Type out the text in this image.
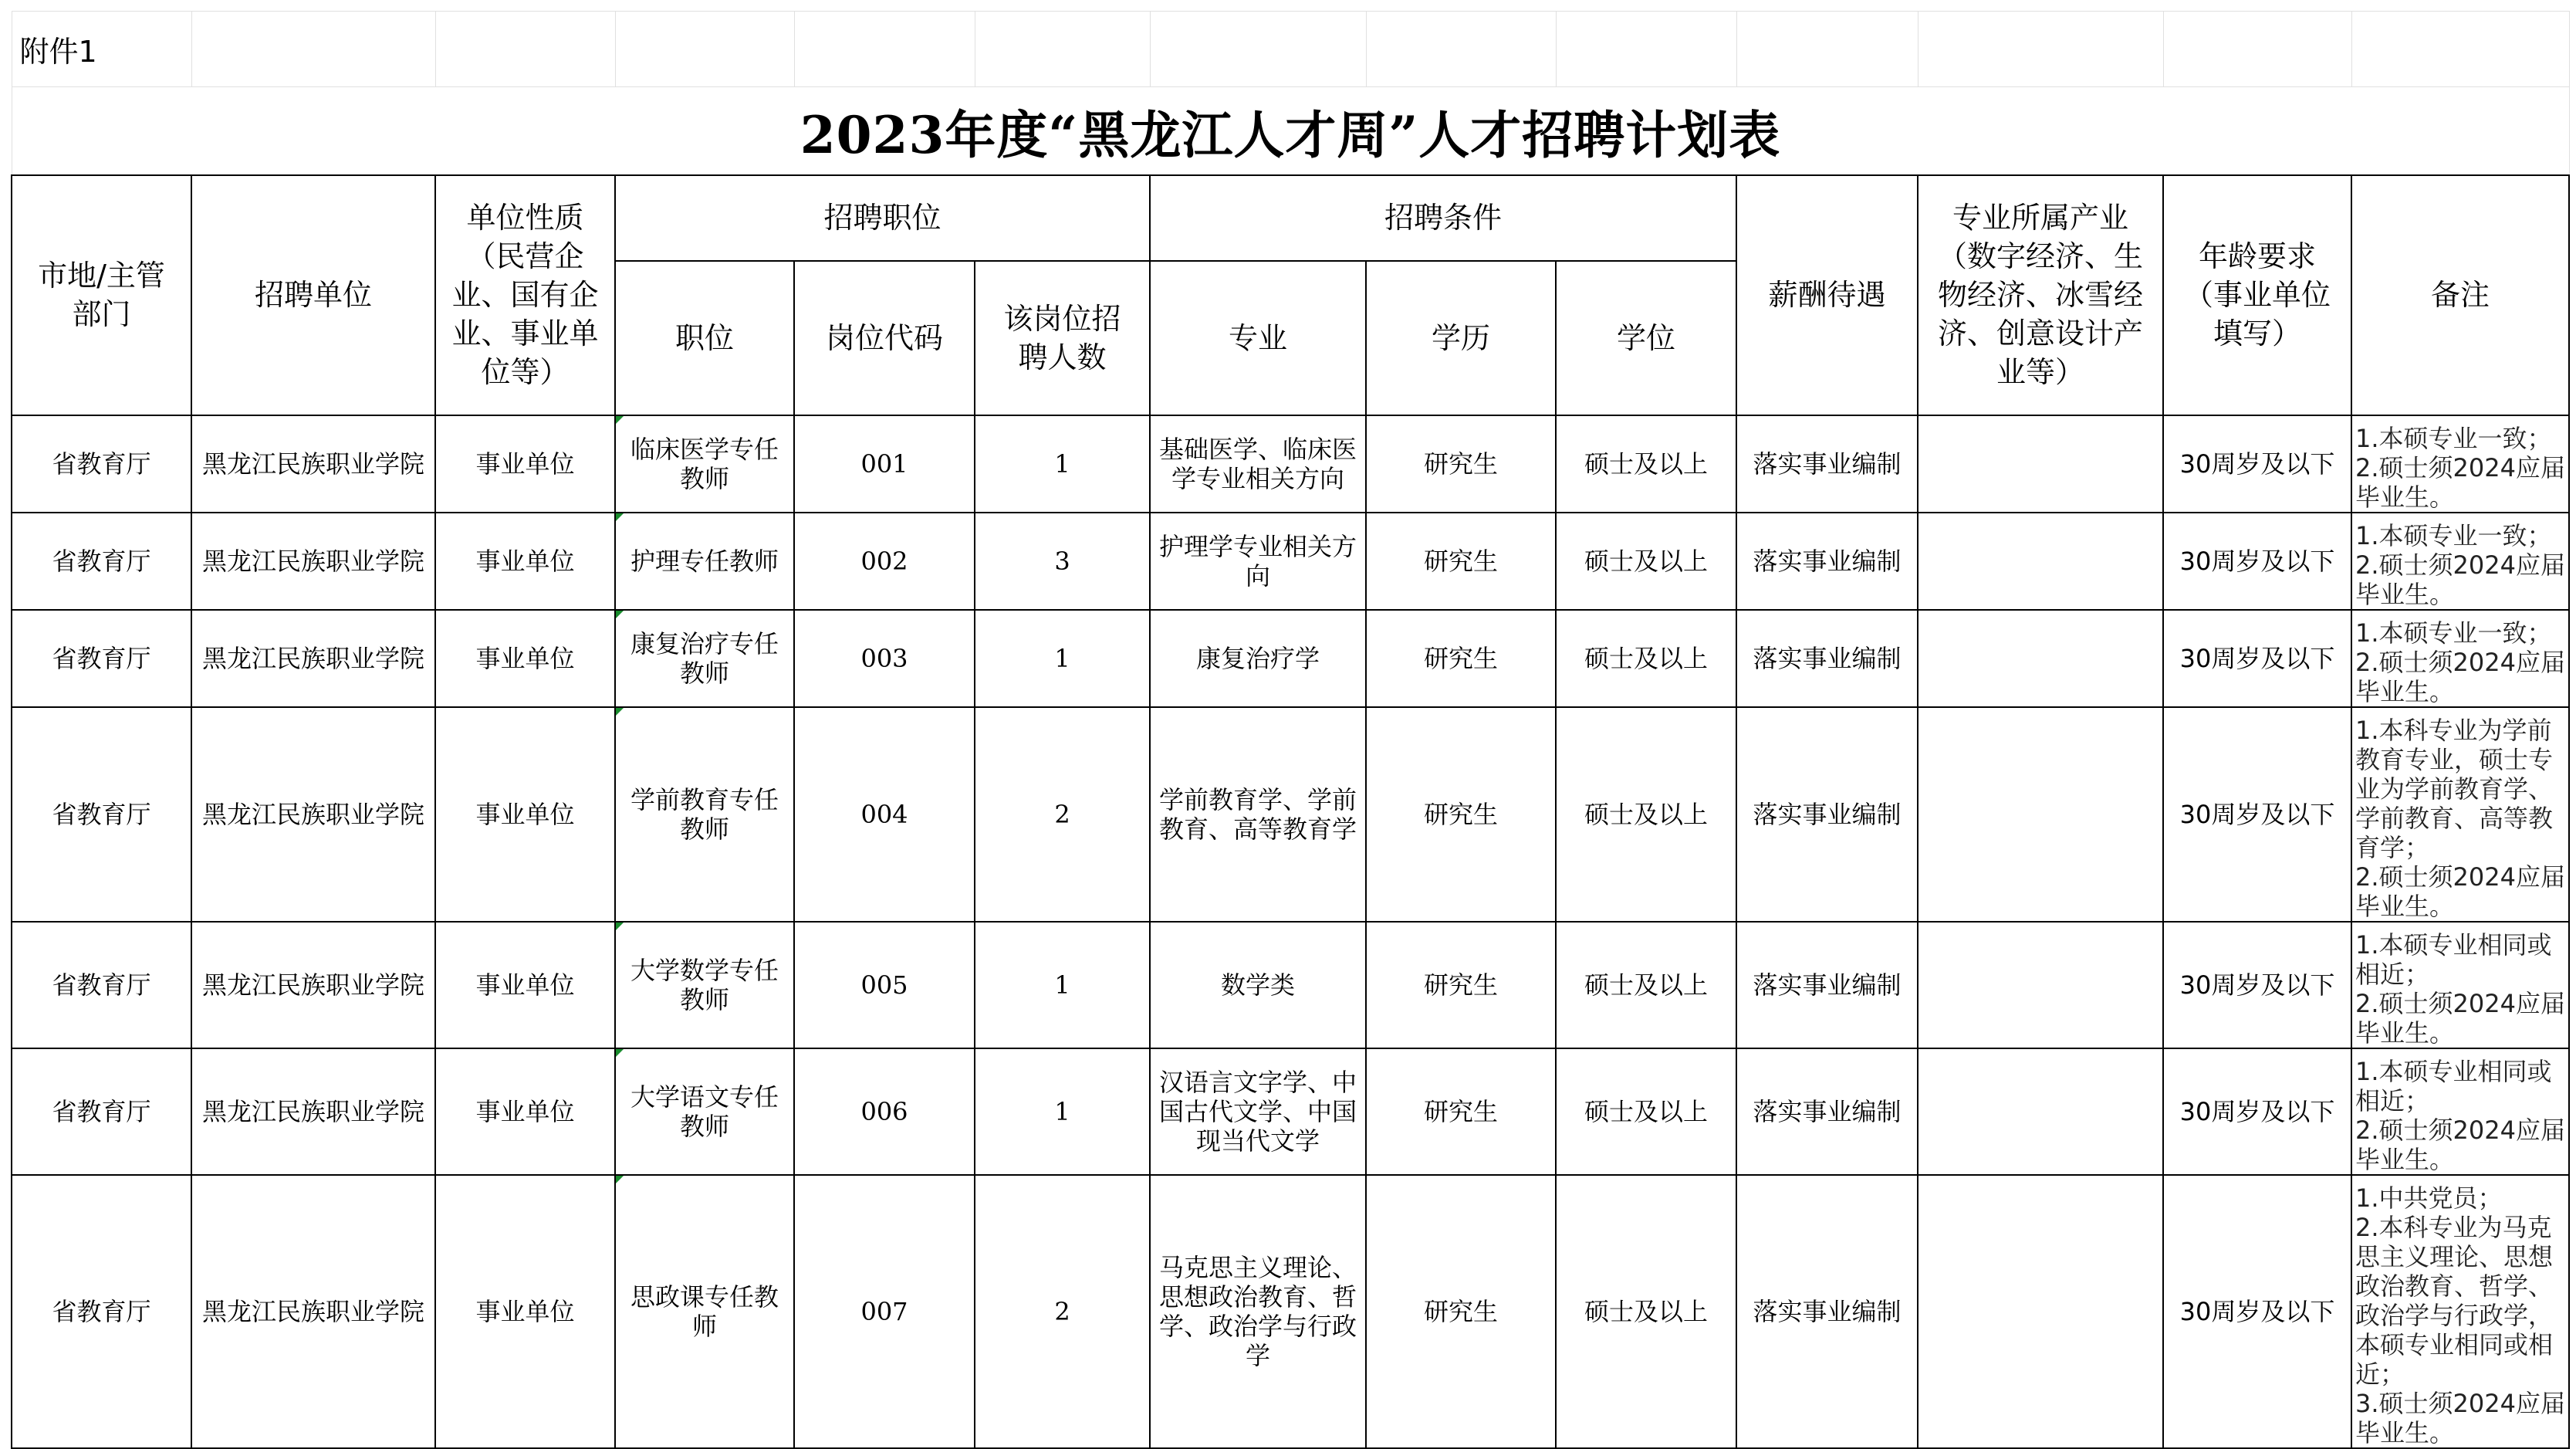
附件1												
2023年度“黑龙江人才周”人才招聘计划表												
市地/主管部门	招聘单位	单位性质（民营企业、国有企业、事业单位等）	招聘职位			招聘条件			薪酬待遇	专业所属产业（数字经济、生物经济、冰雪经济、创意设计产业等）	年龄要求（事业单位填写）	备注
			职位	岗位代码	该岗位招聘人数	专业	学历	学位				
省教育厅	黑龙江民族职业学院	事业单位	临床医学专任教师	001	1	基础医学、临床医学专业相关方向	研究生	硕士及以上	落实事业编制		30周岁及以下	1.本硕专业一致；
2.硕士须2024应届毕业生。

省教育厅	黑龙江民族职业学院	事业单位	护理专任教师	002	3	护理学专业相关方向	研究生	硕士及以上	落实事业编制		30周岁及以下	1.本硕专业一致；
2.硕士须2024应届毕业生。

省教育厅	黑龙江民族职业学院	事业单位	康复治疗专任教师	003	1	康复治疗学	研究生	硕士及以上	落实事业编制		30周岁及以下	1.本硕专业一致；
2.硕士须2024应届毕业生。

省教育厅	黑龙江民族职业学院	事业单位	学前教育专任教师	004	2	学前教育学、学前教育、高等教育学	研究生	硕士及以上	落实事业编制		30周岁及以下	1.本科专业为学前教育专业，硕士专业为学前教育学、学前教育、高等教育学；
2.硕士须2024应届毕业生。

省教育厅	黑龙江民族职业学院	事业单位	大学数学专任教师	005	1	数学类	研究生	硕士及以上	落实事业编制		30周岁及以下	1.本硕专业相同或相近；
2.硕士须2024应届毕业生。

省教育厅	黑龙江民族职业学院	事业单位	大学语文专任教师	006	1	汉语言文字学、中国古代文学、中国现当代文学	研究生	硕士及以上	落实事业编制		30周岁及以下	1.本硕专业相同或相近；
2.硕士须2024应届毕业生。

省教育厅	黑龙江民族职业学院	事业单位	思政课专任教师	007	2	马克思主义理论、思想政治教育、哲学、政治学与行政学	研究生	硕士及以上	落实事业编制		30周岁及以下	1.中共党员；
2.本科专业为马克思主义理论、思想政治教育、哲学、政治学与行政学，本硕专业相同或相近；
3.硕士须2024应届毕业生。
